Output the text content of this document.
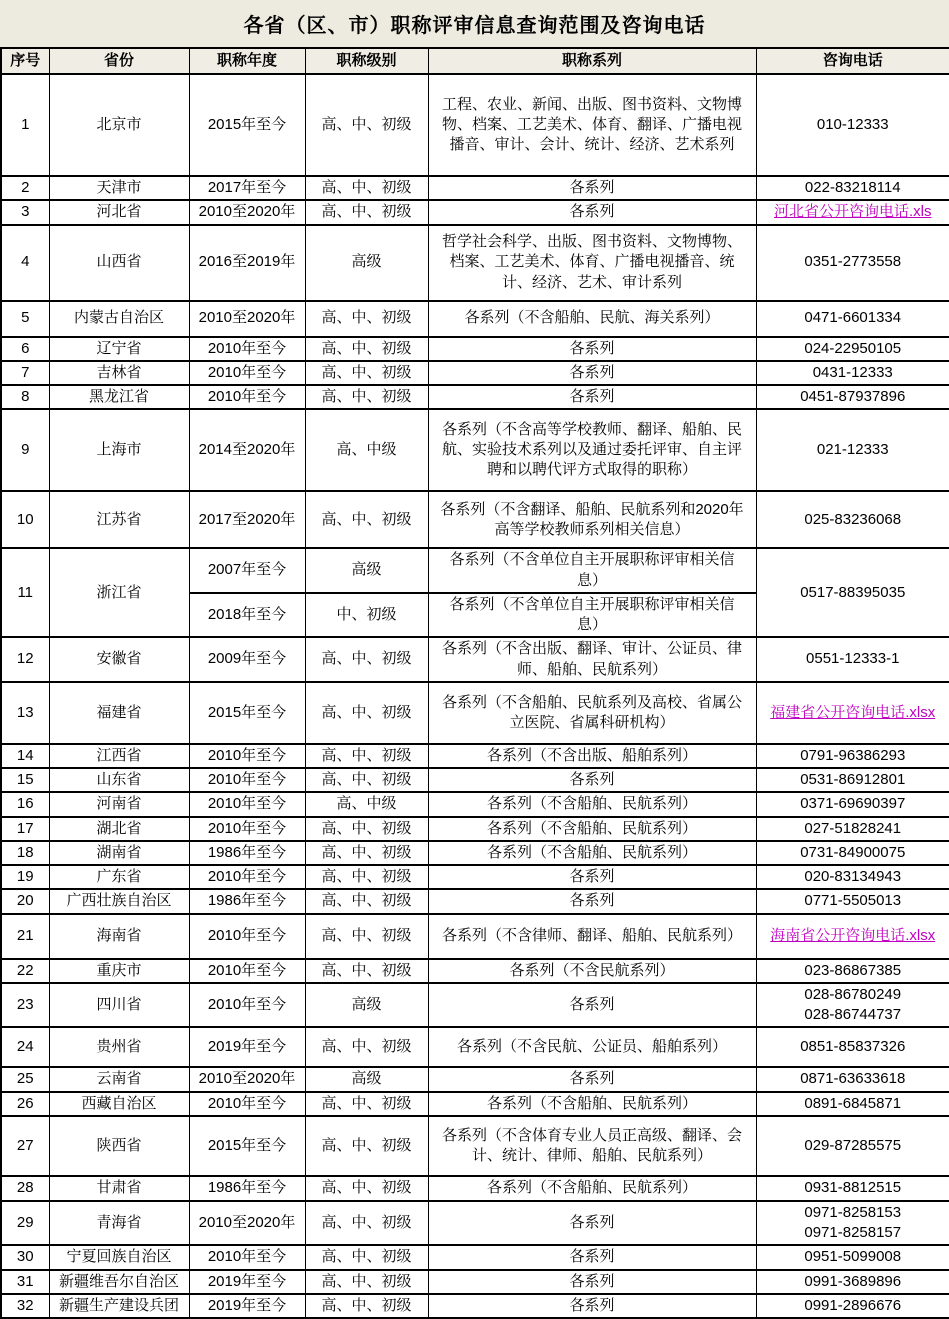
各省（区、市）职称评审信息查询范围及咨询电话
序号	省份	职称年度	职称级别	职称系列	咨询电话
1	北京市	2015年至今	高、中、初级	工程、农业、新闻、出版、图书资料、文物博物、档案、工艺美术、体育、翻译、广播电视播音、审计、会计、统计、经济、艺术系列	010-12333

2	天津市	2017年至今	高、中、初级	各系列	022-83218114

3	河北省	2010至2020年	高、中、初级	各系列	河北省公开咨询电话.xls
4	山西省	2016至2019年	高级	哲学社会科学、出版、图书资料、文物博物、档案、工艺美术、体育、广播电视播音、统计、经济、艺术、审计系列	0351-2773558

5	内蒙古自治区	2010至2020年	高、中、初级	各系列（不含船舶、民航、海关系列）	0471-6601334

6	辽宁省	2010年至今	高、中、初级	各系列	024-22950105

7	吉林省	2010年至今	高、中、初级	各系列	0431-12333

8	黑龙江省	2010年至今	高、中、初级	各系列	0451-87937896

9	上海市	2014至2020年	高、中级	各系列（不含高等学校教师、翻译、船舶、民航、实验技术系列以及通过委托评审、自主评聘和以聘代评方式取得的职称）	021-12333

10	江苏省	2017至2020年	高、中、初级	各系列（不含翻译、船舶、民航系列和2020年高等学校教师系列相关信息）	025-83236068

11	浙江省	2007年至今	高级	各系列（不含单位自主开展职称评审相关信息）	0517-88395035

		2018年至今	中、初级	各系列（不含单位自主开展职称评审相关信息）	
12	安徽省	2009年至今	高、中、初级	各系列（不含出版、翻译、审计、公证员、律师、船舶、民航系列）	0551-12333-1

13	福建省	2015年至今	高、中、初级	各系列（不含船舶、民航系列及高校、省属公立医院、省属科研机构）	福建省公开咨询电话.xlsx
14	江西省	2010年至今	高、中、初级	各系列（不含出版、船舶系列）	0791-96386293

15	山东省	2010年至今	高、中、初级	各系列	0531-86912801

16	河南省	2010年至今	高、中级	各系列（不含船舶、民航系列）	0371-69690397

17	湖北省	2010年至今	高、中、初级	各系列（不含船舶、民航系列）	027-51828241

18	湖南省	1986年至今	高、中、初级	各系列（不含船舶、民航系列）	0731-84900075

19	广东省	2010年至今	高、中、初级	各系列	020-83134943

20	广西壮族自治区	1986年至今	高、中、初级	各系列	0771-5505013

21	海南省	2010年至今	高、中、初级	各系列（不含律师、翻译、船舶、民航系列）	海南省公开咨询电话.xlsx
22	重庆市	2010年至今	高、中、初级	各系列（不含民航系列）	023-86867385

23	四川省	2010年至今	高级	各系列	028-86780249
028-86744737

24	贵州省	2019年至今	高、中、初级	各系列（不含民航、公证员、船舶系列）	0851-85837326

25	云南省	2010至2020年	高级	各系列	0871-63633618

26	西藏自治区	2010年至今	高、中、初级	各系列（不含船舶、民航系列）	0891-6845871

27	陕西省	2015年至今	高、中、初级	各系列（不含体育专业人员正高级、翻译、会计、统计、律师、船舶、民航系列）	029-87285575

28	甘肃省	1986年至今	高、中、初级	各系列（不含船舶、民航系列）	0931-8812515

29	青海省	2010至2020年	高、中、初级	各系列	0971-8258153
0971-8258157

30	宁夏回族自治区	2010年至今	高、中、初级	各系列	0951-5099008

31	新疆维吾尔自治区	2019年至今	高、中、初级	各系列	0991-3689896

32	新疆生产建设兵团	2019年至今	高、中、初级	各系列	0991-2896676
